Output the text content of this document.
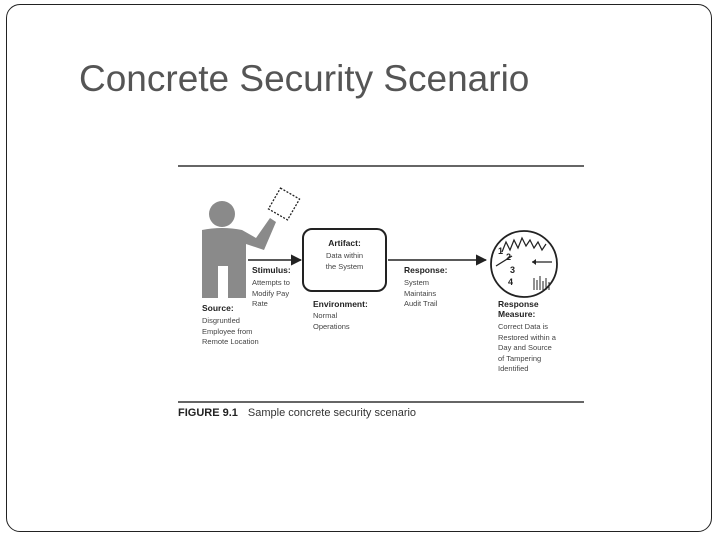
Concrete Security Scenario
1
2
3
4
Source:
Disgruntled
Employee from
Remote Location
Stimulus:
Attempts to
Modify Pay
Rate
Artifact:
Data within
the System
Environment:
Normal
Operations
Response:
System
Maintains
Audit Trail	Response
Measure:
Correct Data is
Restored within a
Day and Source
of Tampering
Identified
FIGURE 9.1 Sample concrete security scenario
